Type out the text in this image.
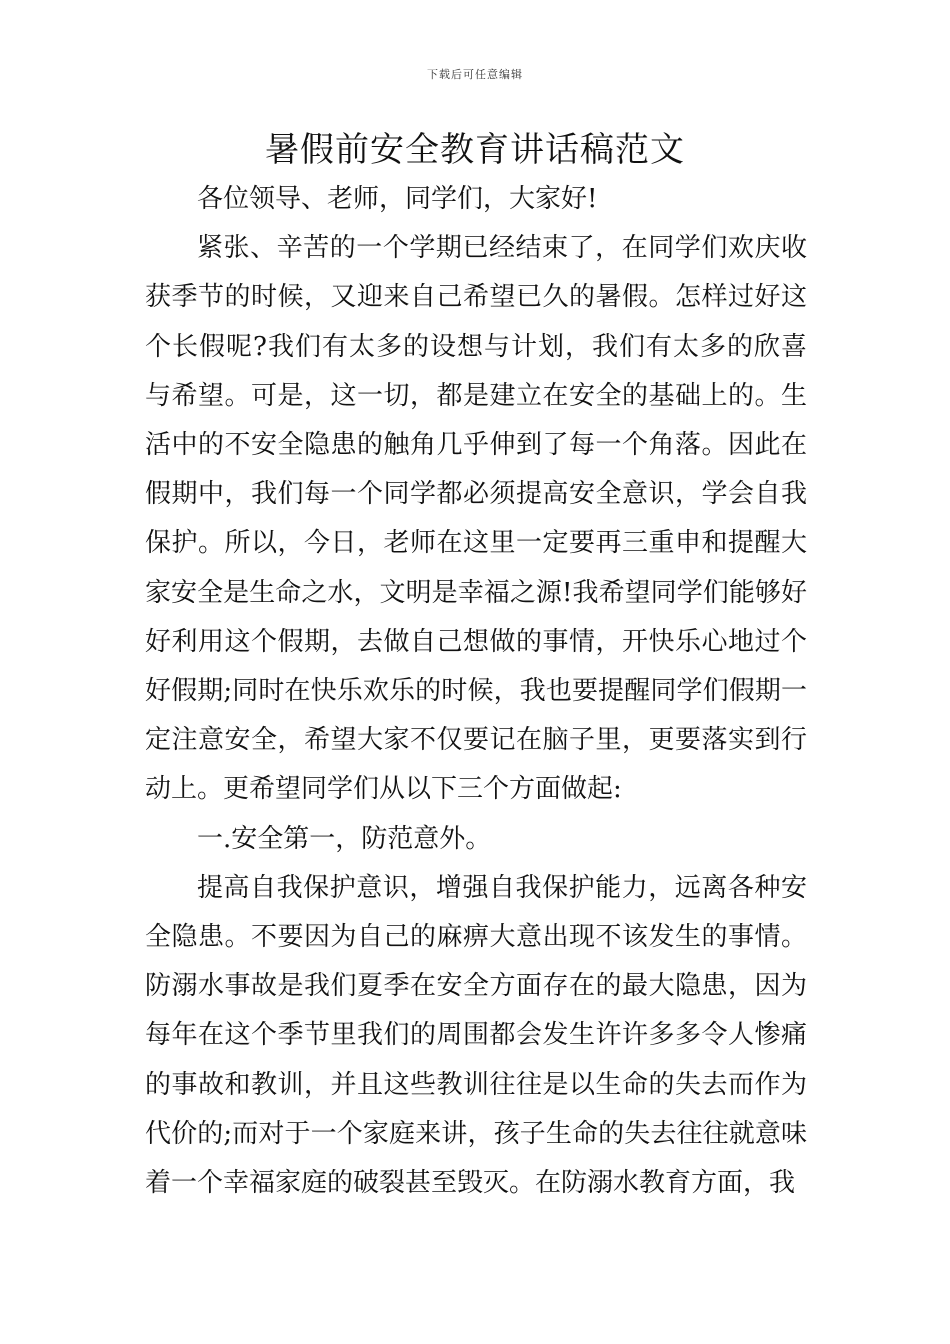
下载后可任意编辑
暑假前安全教育讲话稿范文

各位领导、老师，同学们，大家好!

紧张、辛苦的一个学期已经结束了，在同学们欢庆收获季节的时候，又迎来自己希望已久的暑假。怎样过好这个长假呢?我们有太多的设想与计划，我们有太多的欣喜与希望。可是，这一切，都是建立在安全的基础上的。生活中的不安全隐患的触角几乎伸到了每一个角落。因此在假期中，我们每一个同学都必须提高安全意识，学会自我保护。所以，今日，老师在这里一定要再三重申和提醒大家安全是生命之水，文明是幸福之源!我希望同学们能够好好利用这个假期，去做自己想做的事情，开快乐心地过个好假期;同时在快乐欢乐的时候，我也要提醒同学们假期一定注意安全，希望大家不仅要记在脑子里，更要落实到行动上。更希望同学们从以下三个方面做起:

一.安全第一，防范意外。

提高自我保护意识，增强自我保护能力，远离各种安全隐患。不要因为自己的麻痹大意出现不该发生的事情。防溺水事故是我们夏季在安全方面存在的最大隐患，因为每年在这个季节里我们的周围都会发生许许多多令人惨痛的事故和教训，并且这些教训往往是以生命的失去而作为代价的;而对于一个家庭来讲，孩子生命的失去往往就意味着一个幸福家庭的破裂甚至毁灭。在防溺水教育方面，我
